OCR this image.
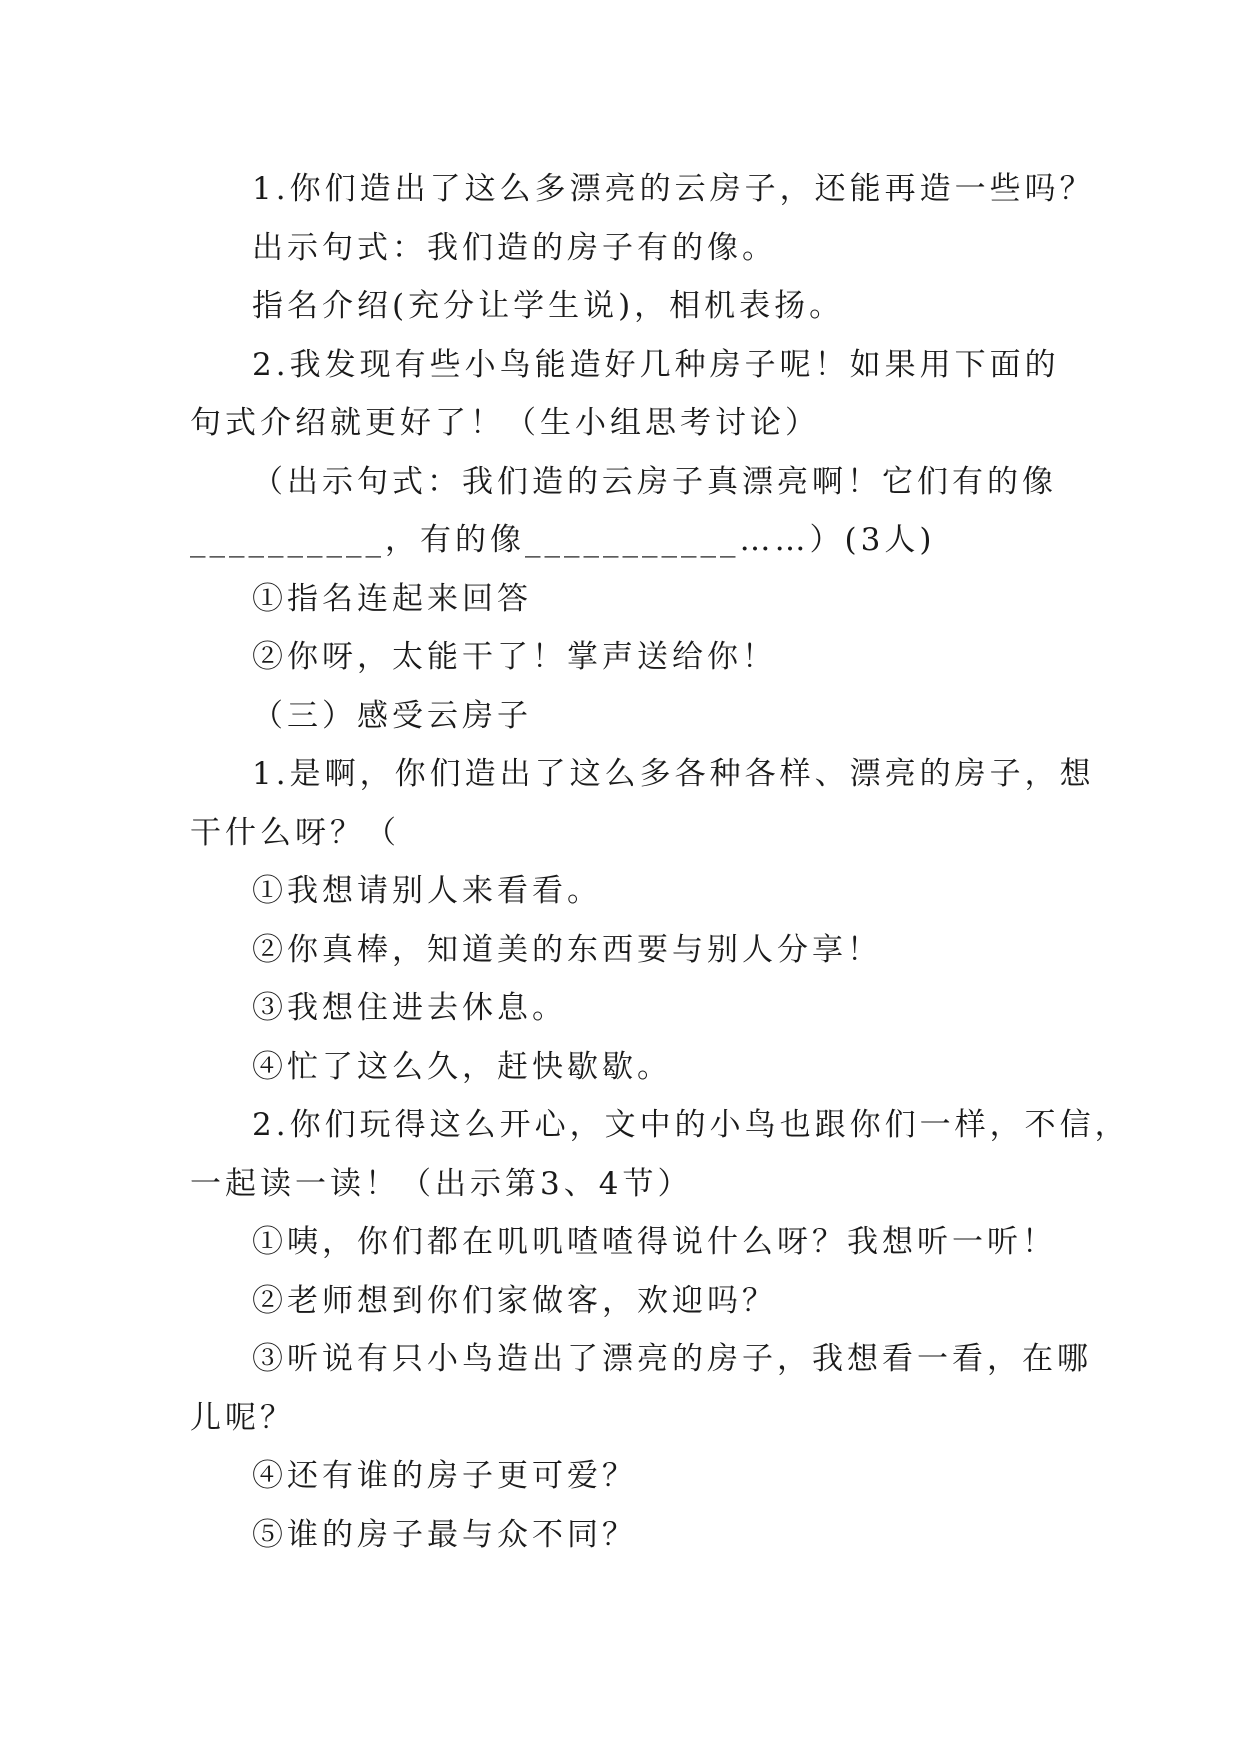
1.你们造出了这么多漂亮的云房子，还能再造一些吗？
出示句式：我们造的房子有的像。
指名介绍(充分让学生说)，相机表扬。
2.我发现有些小鸟能造好几种房子呢！如果用下面的
句式介绍就更好了！（生小组思考讨论）
（出示句式：我们造的云房子真漂亮啊！它们有的像
__________，有的像___________……）(3人)
①指名连起来回答
②你呀，太能干了！掌声送给你！
（三）感受云房子
1.是啊，你们造出了这么多各种各样、漂亮的房子，想
干什么呀？（
①我想请别人来看看。
②你真棒，知道美的东西要与别人分享！
③我想住进去休息。
④忙了这么久，赶快歇歇。
2.你们玩得这么开心，文中的小鸟也跟你们一样，不信，
一起读一读！（出示第3、4节）
①咦，你们都在叽叽喳喳得说什么呀？我想听一听！
②老师想到你们家做客，欢迎吗？
③听说有只小鸟造出了漂亮的房子，我想看一看，在哪
儿呢？
④还有谁的房子更可爱？
⑤谁的房子最与众不同？
